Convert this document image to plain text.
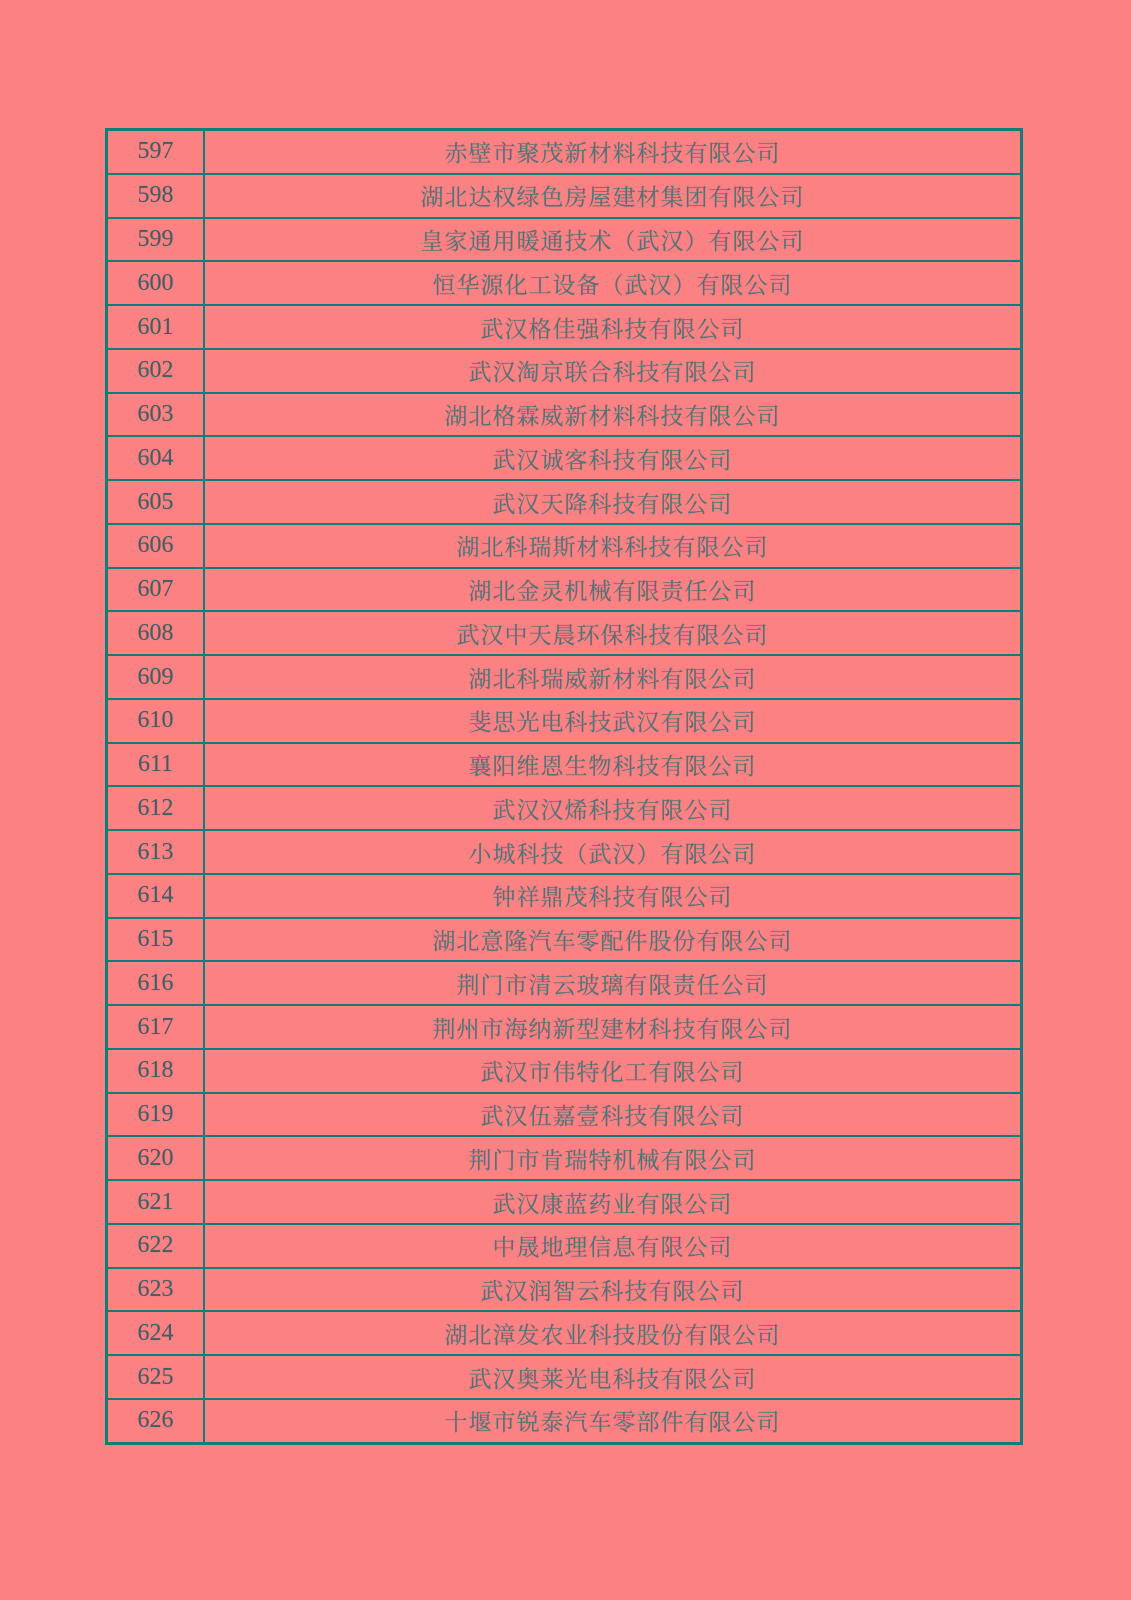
597	赤壁市聚茂新材料科技有限公司
598	湖北达权绿色房屋建材集团有限公司
599	皇家通用暖通技术（武汉）有限公司
600	恒华源化工设备（武汉）有限公司
601	武汉格佳强科技有限公司
602	武汉淘京联合科技有限公司
603	湖北格霖威新材料科技有限公司
604	武汉诚客科技有限公司
605	武汉天降科技有限公司
606	湖北科瑞斯材料科技有限公司
607	湖北金灵机械有限责任公司
608	武汉中天晨环保科技有限公司
609	湖北科瑞威新材料有限公司
610	斐思光电科技武汉有限公司
611	襄阳维恩生物科技有限公司
612	武汉汉烯科技有限公司
613	小城科技（武汉）有限公司
614	钟祥鼎茂科技有限公司
615	湖北意隆汽车零配件股份有限公司
616	荆门市清云玻璃有限责任公司
617	荆州市海纳新型建材科技有限公司
618	武汉市伟特化工有限公司
619	武汉伍嘉壹科技有限公司
620	荆门市肯瑞特机械有限公司
621	武汉康蓝药业有限公司
622	中晟地理信息有限公司
623	武汉润智云科技有限公司
624	湖北漳发农业科技股份有限公司
625	武汉奥莱光电科技有限公司
626	十堰市锐泰汽车零部件有限公司
